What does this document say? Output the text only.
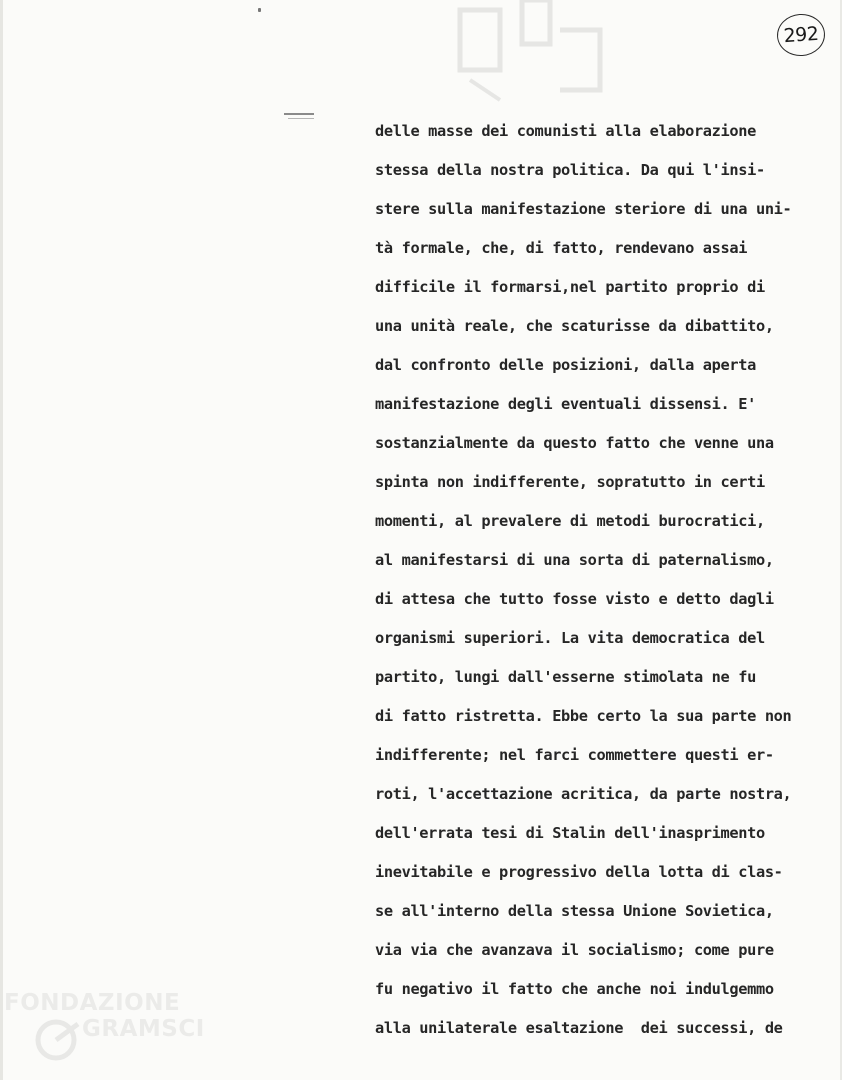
292
delle masse dei comunisti alla elaborazione
stessa della nostra politica. Da qui l'insi-
stere sulla manifestazione steriore di una uni-
tà formale, che, di fatto, rendevano assai
difficile il formarsi,nel partito proprio di
una unità reale, che scaturisse da dibattito,
dal confronto delle posizioni, dalla aperta
manifestazione degli eventuali dissensi. E'
sostanzialmente da questo fatto che venne una
spinta non indifferente, sopratutto in certi
momenti, al prevalere di metodi burocratici,
al manifestarsi di una sorta di paternalismo,
di attesa che tutto fosse visto e detto dagli
organismi superiori. La vita democratica del
partito, lungi dall'esserne stimolata ne fu
di fatto ristretta. Ebbe certo la sua parte non
indifferente; nel farci commettere questi er-
roti, l'accettazione acritica, da parte nostra,
dell'errata tesi di Stalin dell'inasprimento
inevitabile e progressivo della lotta di clas-
se all'interno della stessa Unione Sovietica,
via via che avanzava il socialismo; come pure
fu negativo il fatto che anche noi indulgemmo
alla unilaterale esaltazione  dei successi, de
FONDAZIONE
GRAMSCI
